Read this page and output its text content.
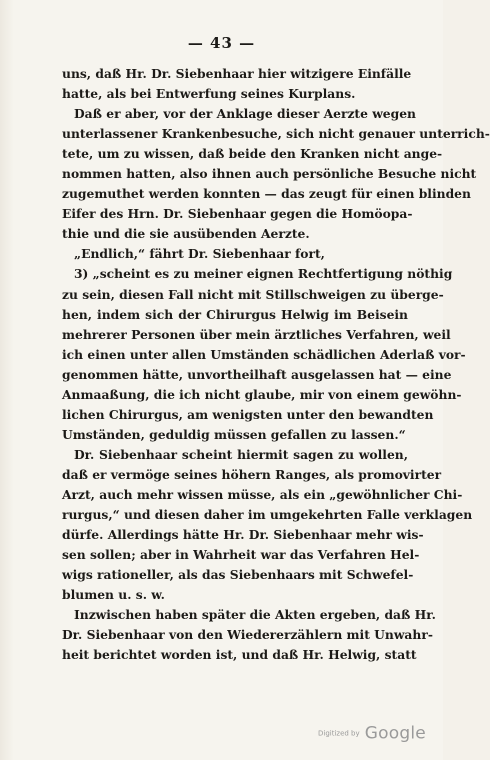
— 43 —
uns, daß Hr. Dr. Siebenhaar hier witzigere Einfälle
hatte, als bei Entwerfung seines Kurplans.
Daß er aber, vor der Anklage dieser Aerzte wegen
unterlassener Krankenbesuche, sich nicht genauer unterrich-
tete, um zu wissen, daß beide den Kranken nicht ange-
nommen hatten, also ihnen auch persönliche Besuche nicht
zugemuthet werden konnten — das zeugt für einen blinden
Eifer des Hrn. Dr. Siebenhaar gegen die Homöopa-
thie und die sie ausübenden Aerzte.
„Endlich,“ fährt Dr. Siebenhaar fort,
3) „scheint es zu meiner eignen Rechtfertigung nöthig
zu sein, diesen Fall nicht mit Stillschweigen zu überge-
hen, indem sich der Chirurgus Helwig im Beisein
mehrerer Personen über mein ärztliches Verfahren, weil
ich einen unter allen Umständen schädlichen Aderlaß vor-
genommen hätte, unvortheilhaft ausgelassen hat — eine
Anmaaßung, die ich nicht glaube, mir von einem gewöhn-
lichen Chirurgus, am wenigsten unter den bewandten
Umständen, geduldig müssen gefallen zu lassen.“
Dr. Siebenhaar scheint hiermit sagen zu wollen,
daß er vermöge seines höhern Ranges, als promovirter
Arzt, auch mehr wissen müsse, als ein „gewöhnlicher Chi-
rurgus,“ und diesen daher im umgekehrten Falle verklagen
dürfe. Allerdings hätte Hr. Dr. Siebenhaar mehr wis-
sen sollen; aber in Wahrheit war das Verfahren Hel-
wigs rationeller, als das Siebenhaars mit Schwefel-
blumen u. s. w.
Inzwischen haben später die Akten ergeben, daß Hr.
Dr. Siebenhaar von den Wiedererzählern mit Unwahr-
heit berichtet worden ist, und daß Hr. Helwig, statt
Digitized by Google
